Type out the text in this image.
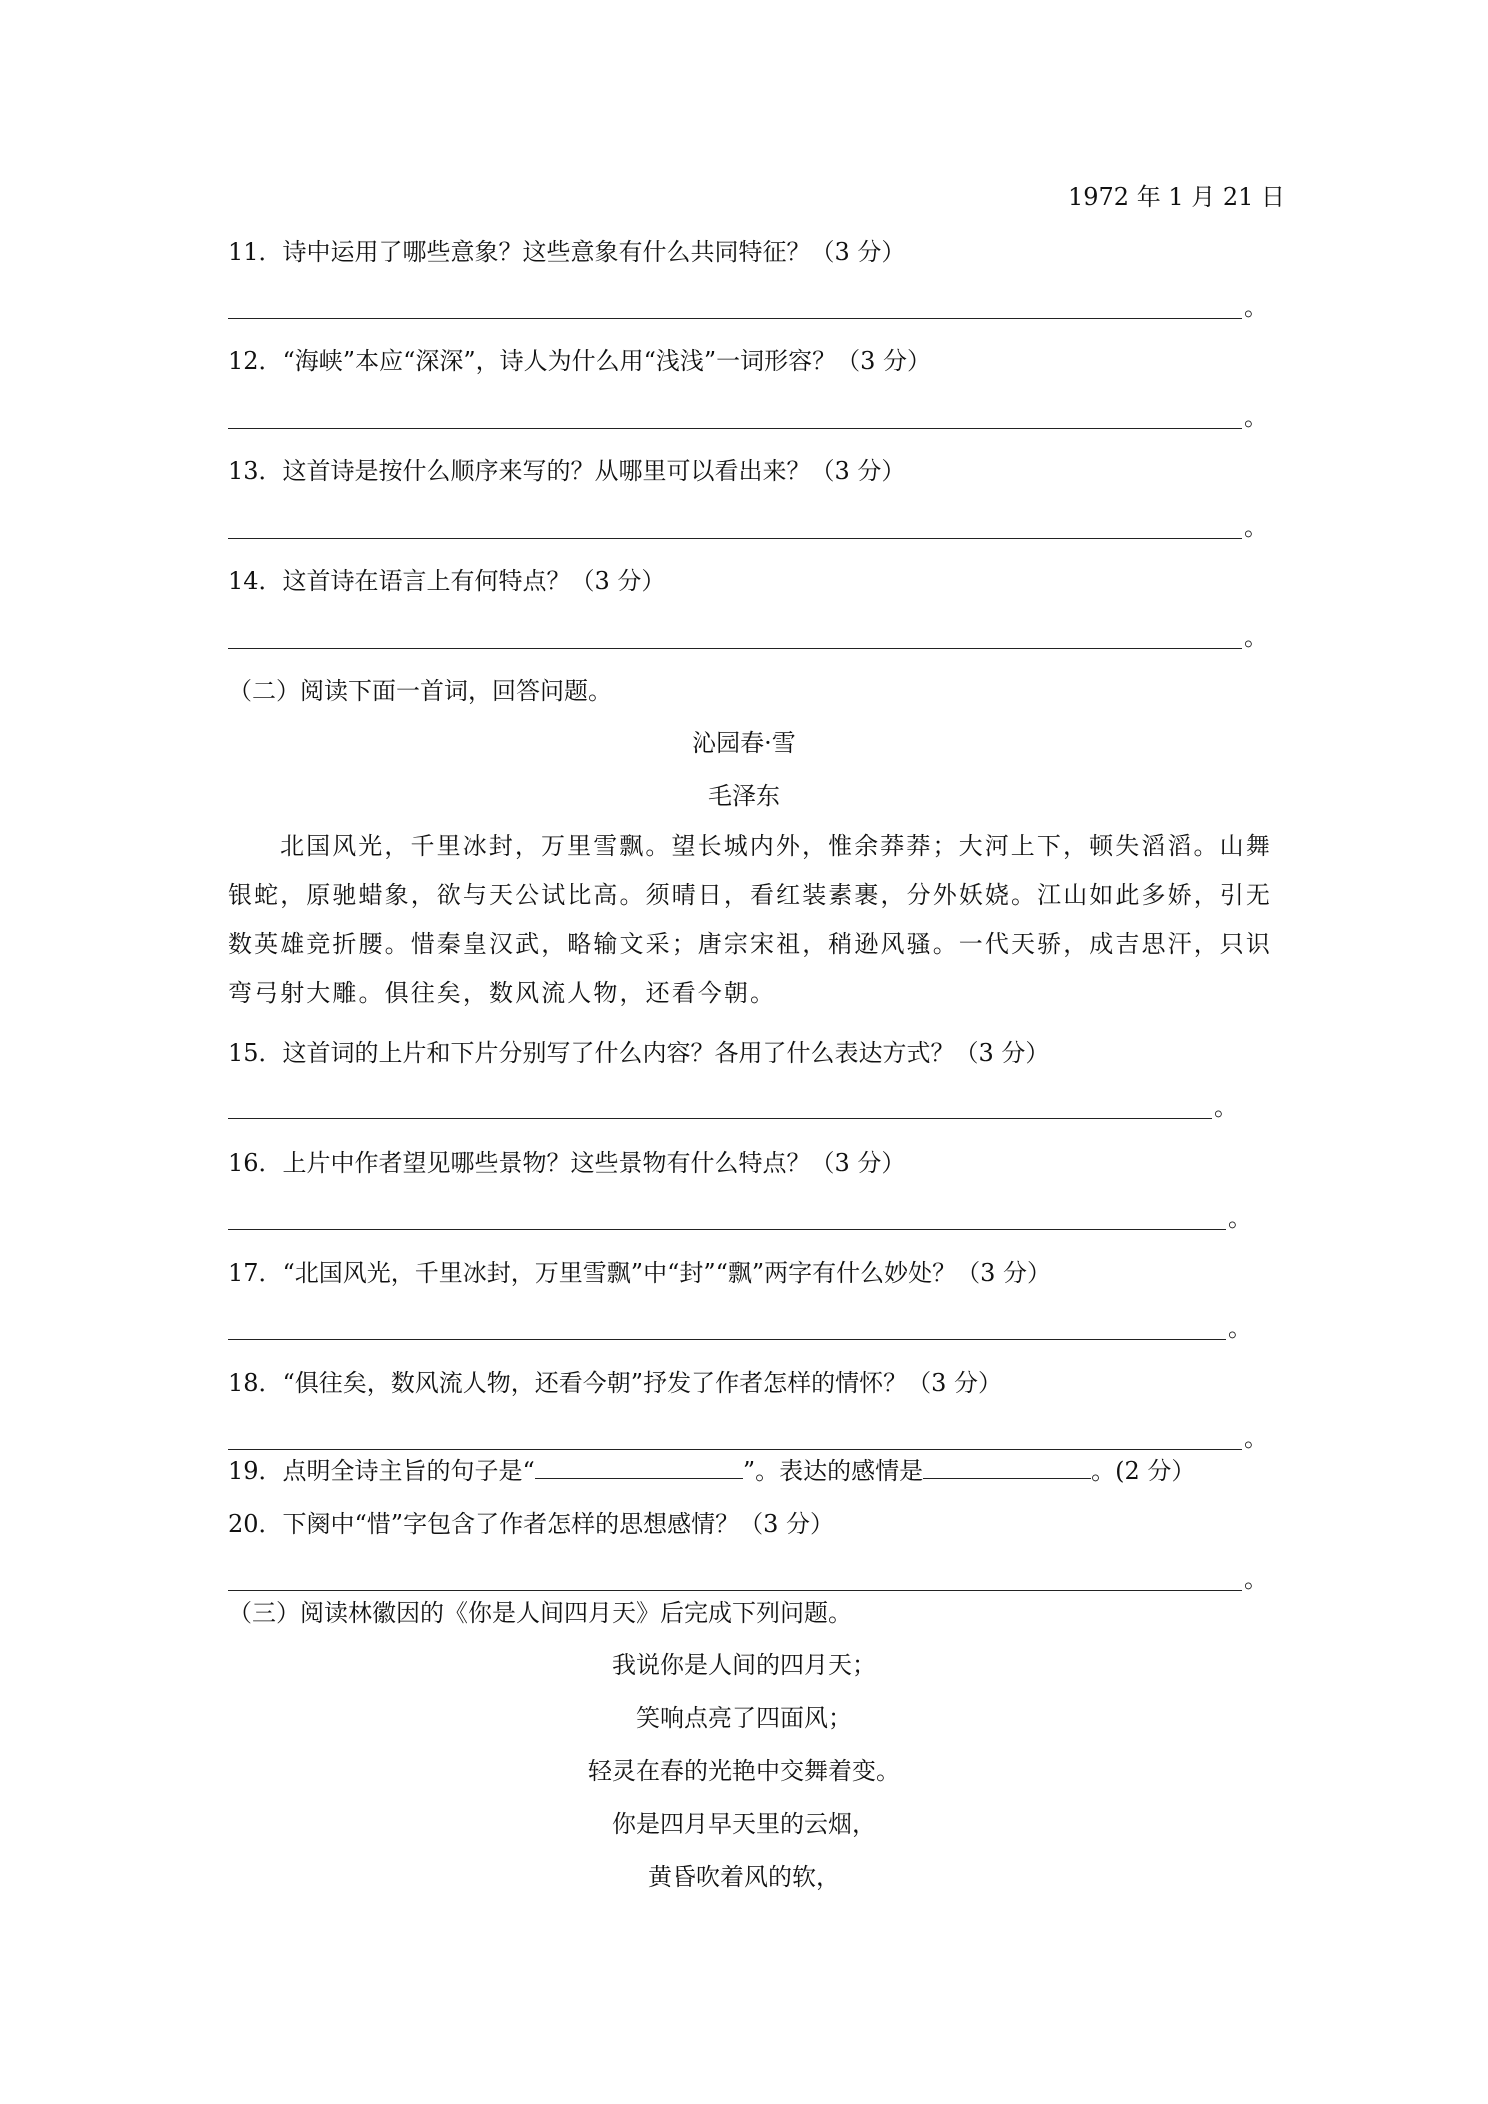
1972 年 1 月 21 日
11．诗中运用了哪些意象？这些意象有什么共同特征？（3 分）
。
12．“海峡”本应“深深”，诗人为什么用“浅浅”一词形容？（3 分）
。
13．这首诗是按什么顺序来写的？从哪里可以看出来？（3 分）
。
14．这首诗在语言上有何特点？（3 分）
。
（二）阅读下面一首词，回答问题。
沁园春·雪
毛泽东
北国风光，千里冰封，万里雪飘。望长城内外，惟余莽莽；大河上下，顿失滔滔。山舞银蛇，原驰蜡象，欲与天公试比高。须晴日，看红装素裹，分外妖娆。江山如此多娇，引无数英雄竞折腰。惜秦皇汉武，略输文采；唐宗宋祖，稍逊风骚。一代天骄，成吉思汗，只识弯弓射大雕。俱往矣，数风流人物，还看今朝。
15．这首词的上片和下片分别写了什么内容？各用了什么表达方式？（3 分）
。
16．上片中作者望见哪些景物？这些景物有什么特点？（3 分）
。
17．“北国风光，千里冰封，万里雪飘”中“封”“飘”两字有什么妙处？（3 分）
。
18．“俱往矣，数风流人物，还看今朝”抒发了作者怎样的情怀？（3 分）
。
19．点明全诗主旨的句子是“	”。表达的感情是	。(2 分）
20．下阕中“惜”字包含了作者怎样的思想感情？（3 分）
。
（三）阅读林徽因的《你是人间四月天》后完成下列问题。
我说你是人间的四月天；
笑响点亮了四面风；
轻灵在春的光艳中交舞着变。
你是四月早天里的云烟，
黄昏吹着风的软，
